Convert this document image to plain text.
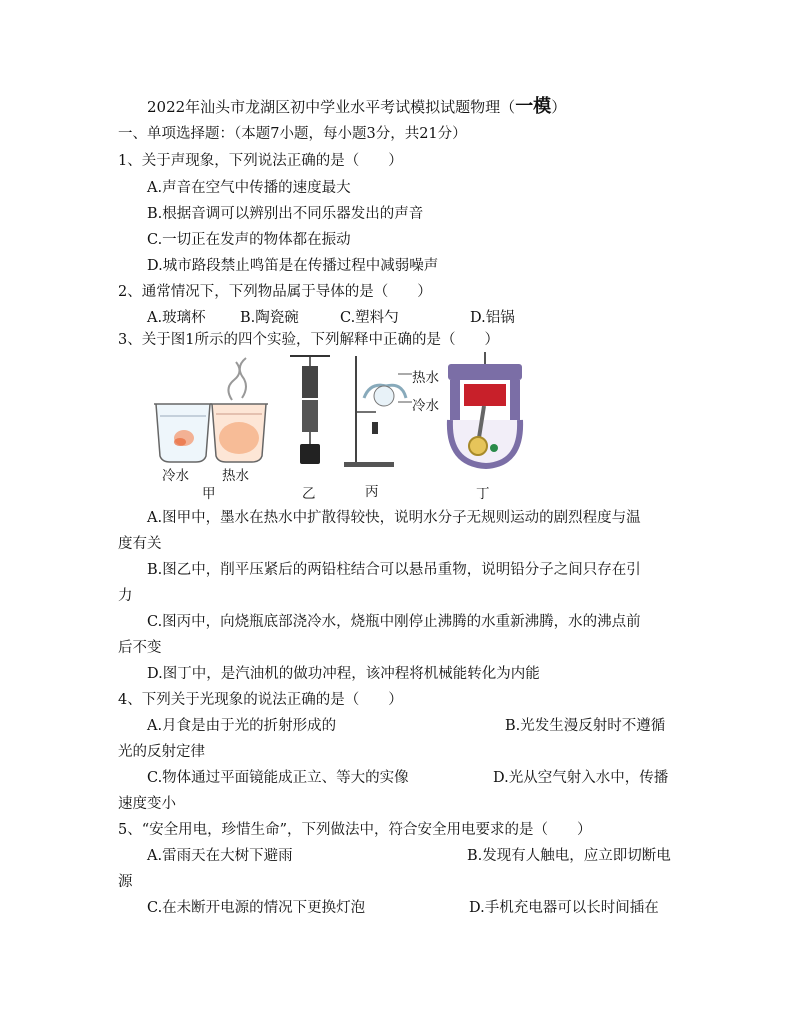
2022年汕头市龙湖区初中学业水平考试模拟试题物理（一模）
一、单项选择题：（本题7小题，每小题3分，共21分）
1、关于声现象，下列说法正确的是（　　）
A.声音在空气中传播的速度最大
B.根据音调可以辨别出不同乐器发出的声音
C.一切正在发声的物体都在振动
D.城市路段禁止鸣笛是在传播过程中减弱噪声
2、通常情况下，下列物品属于导体的是（　　）
A.玻璃杯 B.陶瓷碗	C.塑料勺	D.铝锅
3、关于图1所示的四个实验，下列解释中正确的是（　　）
冷水 热水
甲	乙	丙	丁
热水
冷水
A.图甲中，墨水在热水中扩散得较快，说明水分子无规则运动的剧烈程度与温
度有关
B.图乙中，削平压紧后的两铅柱结合可以悬吊重物，说明铅分子之间只存在引
力
C.图丙中，向烧瓶底部浇冷水，烧瓶中刚停止沸腾的水重新沸腾，水的沸点前
后不变
D.图丁中，是汽油机的做功冲程，该冲程将机械能转化为内能
4、下列关于光现象的说法正确的是（　　）
A.月食是由于光的折射形成的	B.光发生漫反射时不遵循
光的反射定律
C.物体通过平面镜能成正立、等大的实像	D.光从空气射入水中，传播
速度变小
5、“安全用电，珍惜生命”，下列做法中，符合安全用电要求的是（　　）
A.雷雨天在大树下避雨	B.发现有人触电，应立即切断电
源
C.在未断开电源的情况下更换灯泡	D.手机充电器可以长时间插在
